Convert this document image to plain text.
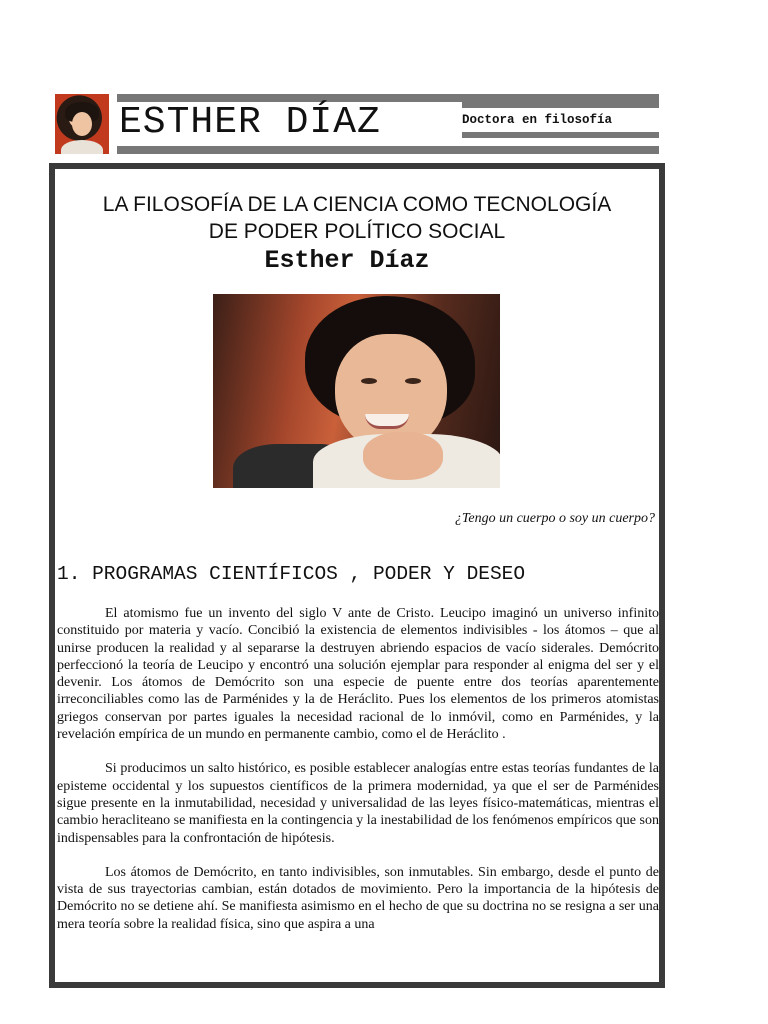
ESTHER DÍAZ	Doctora en filosofía
LA FILOSOFÍA DE LA CIENCIA COMO TECNOLOGÍA
DE PODER POLÍTICO SOCIAL
Esther Díaz
¿Tengo un cuerpo o soy un cuerpo?
1. PROGRAMAS CIENTÍFICOS , PODER Y DESEO

El atomismo fue un invento del siglo V ante de Cristo. Leucipo imaginó un universo infinito constituido por materia y vacío. Concibió la existencia de elementos indivisibles - los átomos – que al unirse producen la realidad y al separarse la destruyen abriendo espacios de vacío siderales. Demócrito perfeccionó la teoría de Leucipo y encontró una solución ejemplar para responder al enigma del ser y el devenir. Los átomos de Demócrito son una especie de puente entre dos teorías aparentemente irreconciliables como las de Parménides y la de Heráclito. Pues los elementos de los primeros atomistas griegos conservan por partes iguales la necesidad racional de lo inmóvil, como en Parménides, y la revelación empírica de un mundo en permanente cambio, como el de Heráclito .

Si producimos un salto histórico, es posible establecer analogías entre estas teorías fundantes de la episteme occidental y los supuestos científicos de la primera modernidad, ya que el ser de Parménides sigue presente en la inmutabilidad, necesidad y universalidad de las leyes físico-matemáticas, mientras el cambio heracliteano se manifiesta en la contingencia y la inestabilidad de los fenómenos empíricos que son indispensables para la confrontación de hipótesis.

Los átomos de Demócrito, en tanto indivisibles, son inmutables. Sin embargo, desde el punto de vista de sus trayectorias cambian, están dotados de movimiento. Pero la importancia de la hipótesis de Demócrito no se detiene ahí. Se manifiesta asimismo en el hecho de que su doctrina no se resigna a ser una mera teoría sobre la realidad física, sino que aspira a una
